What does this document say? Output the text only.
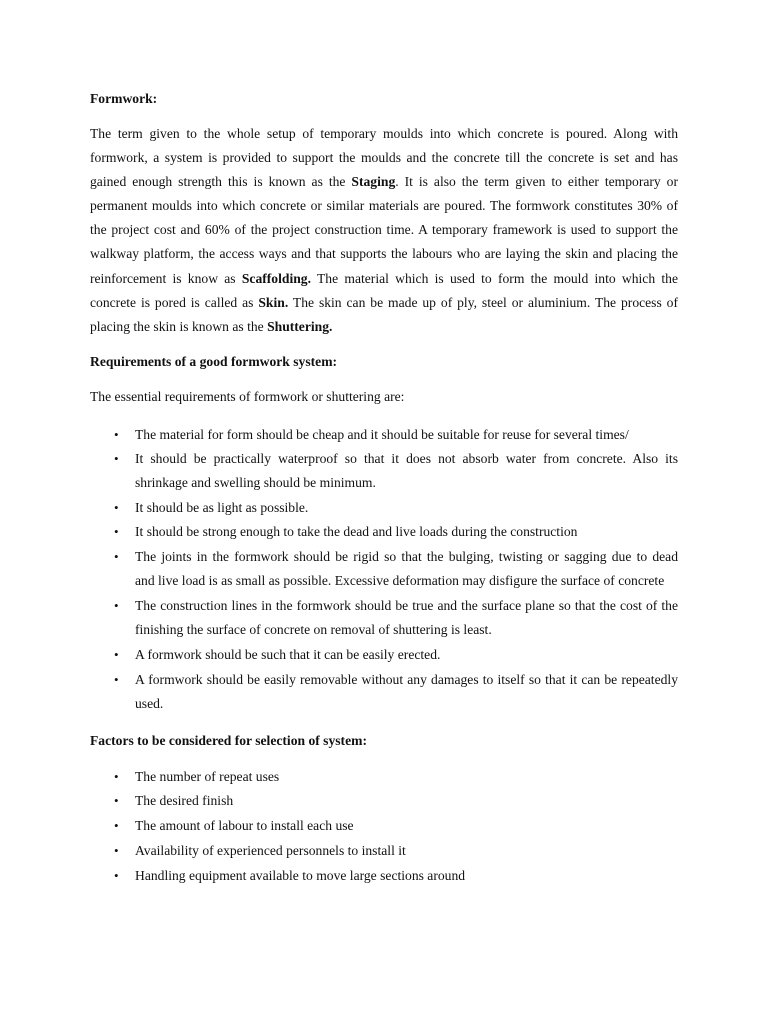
Formwork:
The term given to the whole setup of temporary moulds into which concrete is poured. Along with
formwork, a system is provided to support the moulds and the concrete till the concrete is set and has
gained enough strength this is known as the Staging. It is also the term given to either temporary or
permanent moulds into which concrete or similar materials are poured. The formwork constitutes 30% of
the project cost and 60% of the project construction time. A temporary framework is used to support the
walkway platform, the access ways and that supports the labours who are laying the skin and placing the
reinforcement is know as Scaffolding. The material which is used to form the mould into which the
concrete is pored is called as Skin. The skin can be made up of ply, steel or aluminium. The process of
placing the skin is known as the Shuttering.
Requirements of a good formwork system:
The essential requirements of formwork or shuttering are:
• The material for form should be cheap and it should be suitable for reuse for several times/
• It should be practically waterproof so that it does not absorb water from concrete. Also its
shrinkage and swelling should be minimum.
• It should be as light as possible.
• It should be strong enough to take the dead and live loads during the construction
• The joints in the formwork should be rigid so that the bulging, twisting or sagging due to dead
and live load is as small as possible. Excessive deformation may disfigure the surface of concrete
• The construction lines in the formwork should be true and the surface plane so that the cost of the
finishing the surface of concrete on removal of shuttering is least.
• A formwork should be such that it can be easily erected.
• A formwork should be easily removable without any damages to itself so that it can be repeatedly
used.
Factors to be considered for selection of system:
• The number of repeat uses
• The desired finish
• The amount of labour to install each use
• Availability of experienced personnels to install it
• Handling equipment available to move large sections around
